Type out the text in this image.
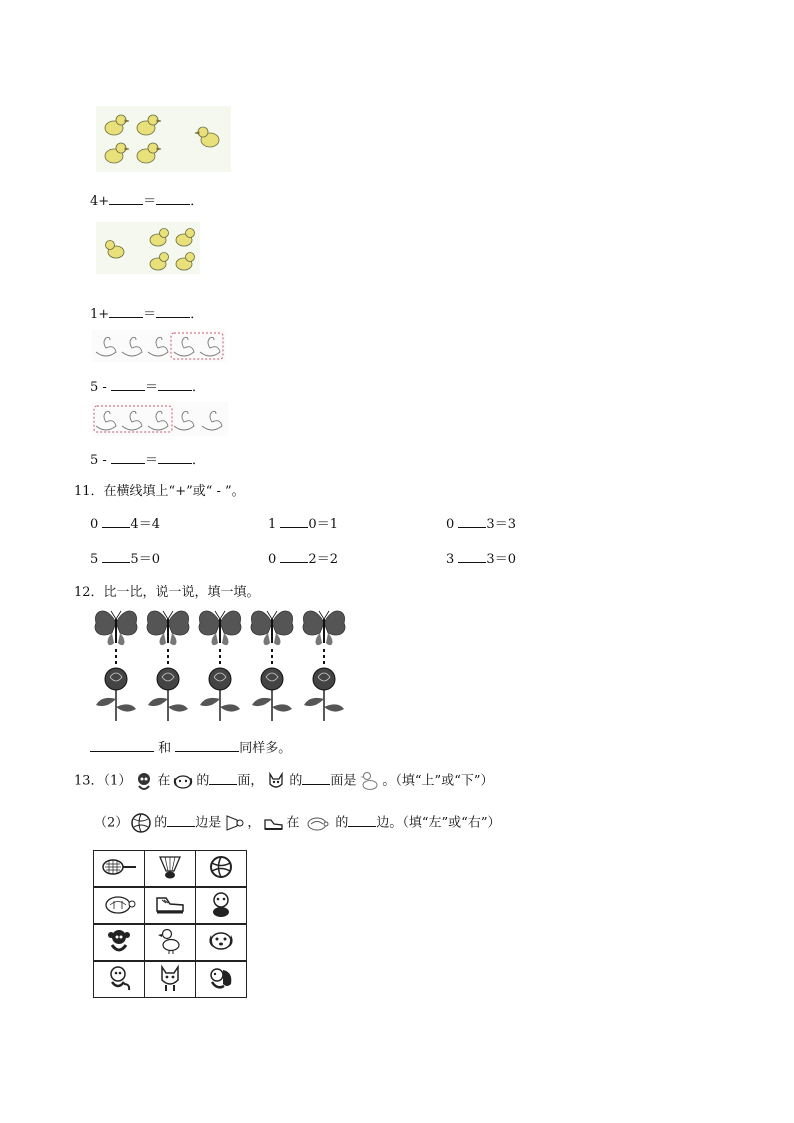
4+	＝	．
1+	＝	．
5 -	＝	．
5 -	＝	．
11．在横线填上“+”或“ - ”。
0 4＝4	1 0＝1	0 3＝3
5 5＝0	0 2＝2	3 3＝0
12．比一比，说一说，填一填。
和	同样多。
13．（1） 在 的 面， 的 面是 。（填“上”或“下”）
（2） 的 边是 ， 在	的 边。（填“左”或“右”）
